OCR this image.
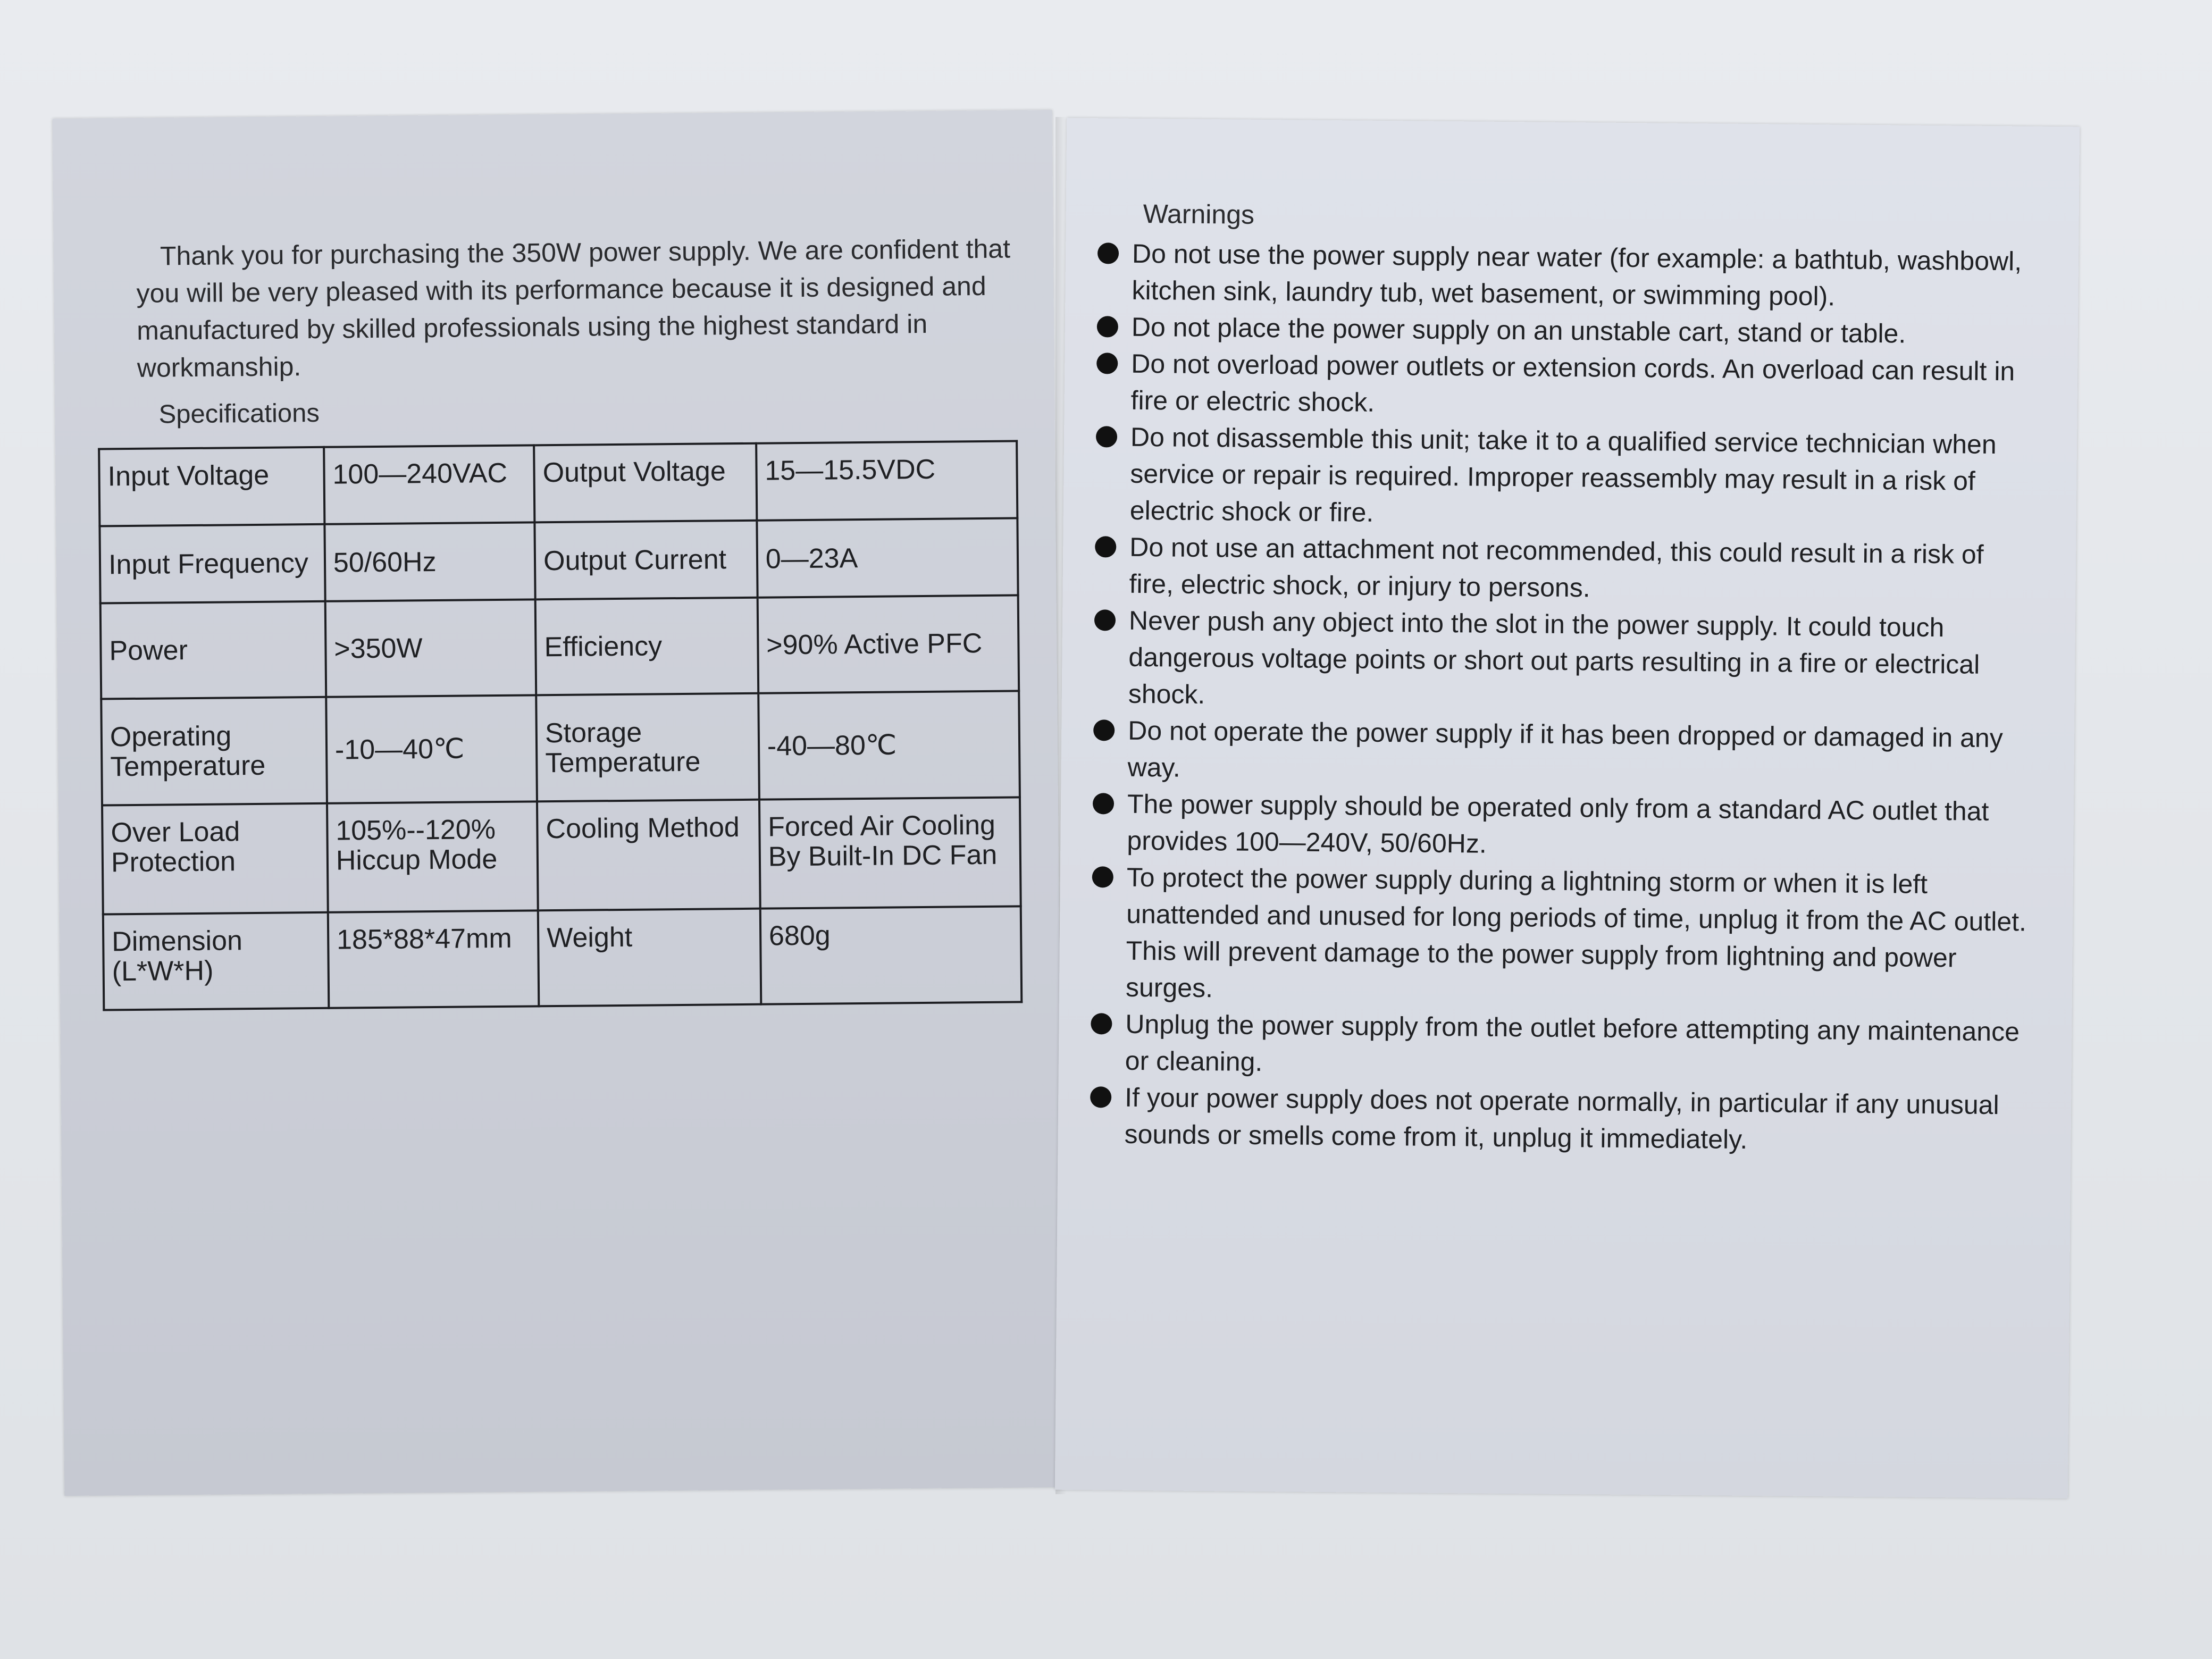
Thank you for purchasing the 350W power supply. We are confident that you will be very pleased with its performance because it is designed and manufactured by skilled professionals using the highest standard in workmanship.

Specifications
Input Voltage	100—240VAC	Output Voltage	15—15.5VDC
Input Frequency	50/60Hz	Output Current	0—23A
Power	>350W	Efficiency	>90% Active PFC
Operating Temperature	-10—40℃	Storage Temperature	-40—80℃
Over Load Protection	105%--120% Hiccup Mode	Cooling Method	Forced Air Cooling By Built-In DC Fan
Dimension (L*W*H)	185*88*47mm	Weight	680g
Warnings
Do not use the power supply near water (for example: a bathtub, washbowl, kitchen sink, laundry tub, wet basement, or swimming pool).
Do not place the power supply on an unstable cart, stand or table.
Do not overload power outlets or extension cords. An overload can result in fire or electric shock.
Do not disassemble this unit; take it to a qualified service technician when service or repair is required. Improper reassembly may result in a risk of electric shock or fire.
Do not use an attachment not recommended, this could result in a risk of fire, electric shock, or injury to persons.
Never push any object into the slot in the power supply. It could touch dangerous voltage points or short out parts resulting in a fire or electrical shock.
Do not operate the power supply if it has been dropped or damaged in any way.
The power supply should be operated only from a standard AC outlet that provides 100—240V, 50/60Hz.
To protect the power supply during a lightning storm or when it is left unattended and unused for long periods of time, unplug it from the AC outlet. This will prevent damage to the power supply from lightning and power surges.
Unplug the power supply from the outlet before attempting any maintenance or cleaning.
If your power supply does not operate normally, in particular if any unusual sounds or smells come from it, unplug it immediately.
